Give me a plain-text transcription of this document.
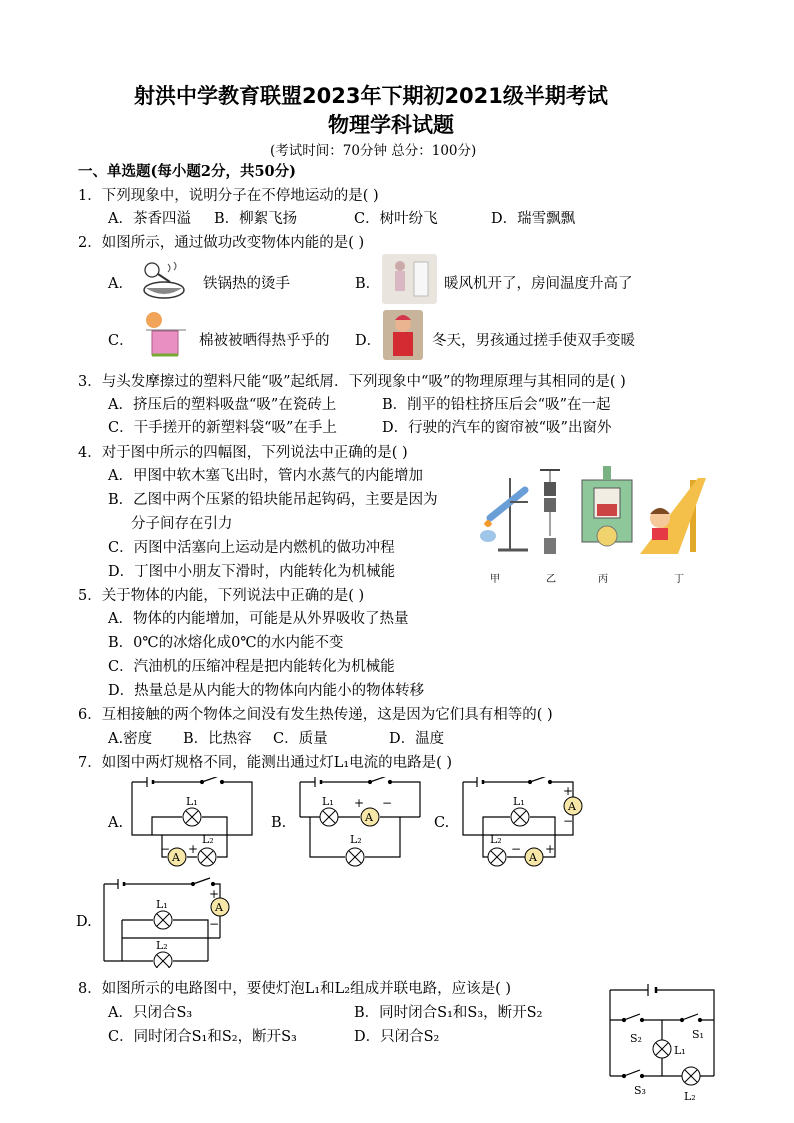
射洪中学教育联盟2023年下期初2021级半期考试
物理学科试题
(考试时间：70分钟 总分：100分)
一、单选题(每小题2分，共50分)
1．下列现象中，说明分子在不停地运动的是( )
A．茶香四溢 B．柳絮飞扬	C．树叶纷飞	D．瑞雪飘飘
2．如图所示，通过做功改变物体内能的是( )
A．	铁锅热的烫手	B．	暖风机开了，房间温度升高了
C．	棉被被晒得热乎乎的 D．	冬天，男孩通过搓手使双手变暖
3．与头发摩擦过的塑料尺能“吸”起纸屑．下列现象中“吸”的物理原理与其相同的是( )
A．挤压后的塑料吸盘“吸”在瓷砖上	B．削平的铅柱挤压后会“吸”在一起
C．干手搓开的新塑料袋“吸”在手上	D．行驶的汽车的窗帘被“吸”出窗外
4．对于图中所示的四幅图，下列说法中正确的是( )
A．甲图中软木塞飞出时，管内水蒸气的内能增加
B．乙图中两个压紧的铅块能吊起钩码，主要是因为
分子间存在引力
C．丙图中活塞向上运动是内燃机的做功冲程
D．丁图中小朋友下滑时，内能转化为机械能	甲	乙	丙	丁
5．关于物体的内能，下列说法中正确的是( )
A．物体的内能增加，可能是从外界吸收了热量
B．0℃的冰熔化成0℃的水内能不变
C．汽油机的压缩冲程是把内能转化为机械能
D．热量总是从内能大的物体向内能小的物体转移
6．互相接触的两个物体之间没有发生热传递，这是因为它们具有相等的( )
A.密度 B．比热容 C．质量	D．温度
7．如图中两灯规格不同，能测出通过灯L₁电流的电路是( )
A.
L₁
A
+
−
L₂
B.
L₁
A
+ −
L₂
C.
A
+
−
L₁
L₂
A
+
−
D.
A
+
−
L₁
L₂
8．如图所示的电路图中，要使灯泡L₁和L₂组成并联电路，应该是( )
A．只闭合S₃	B．同时闭合S₁和S₃，断开S₂
C．同时闭合S₁和S₂，断开S₃	D．只闭合S₂	S₂	S₁
S₃
L₁
L₂
